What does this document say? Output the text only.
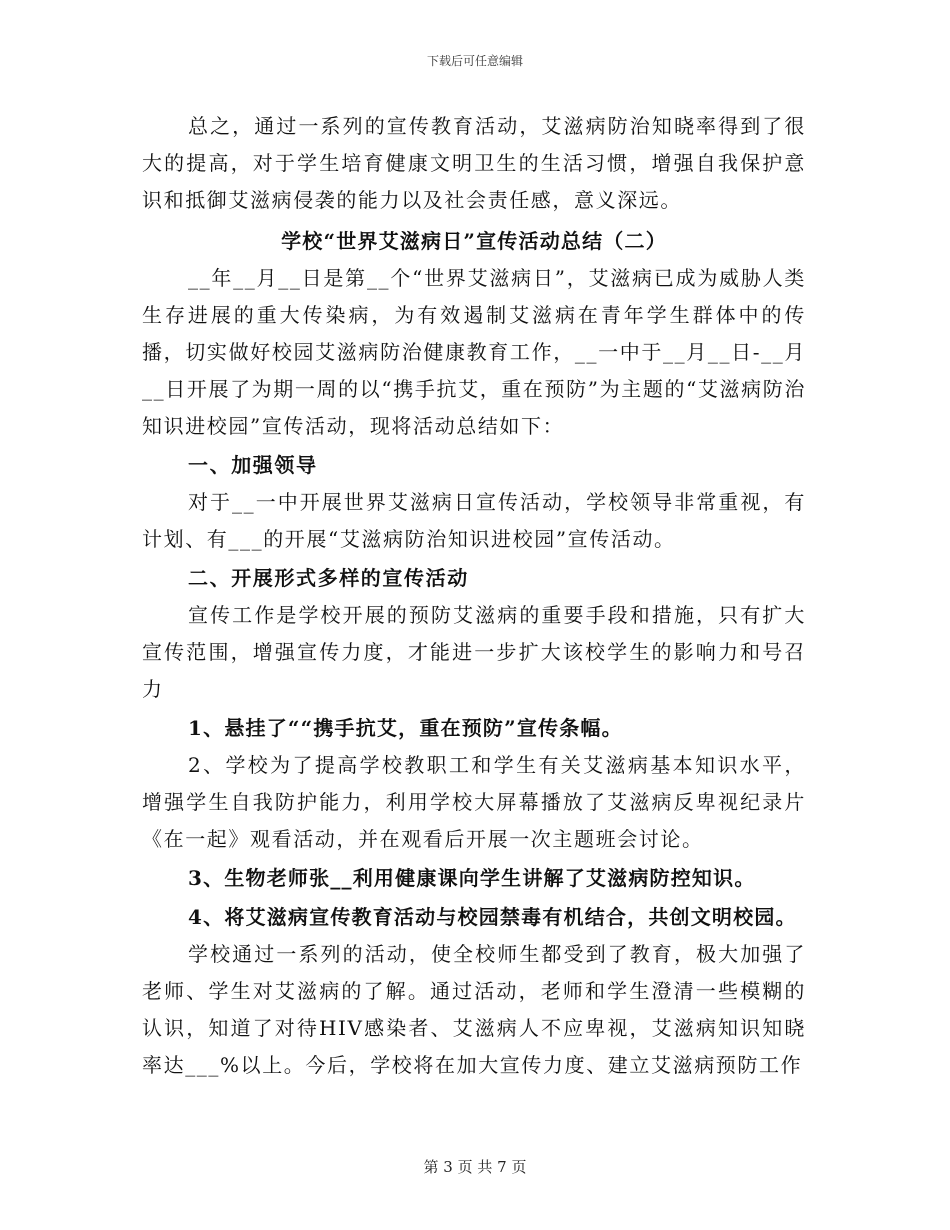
下载后可任意编辑

总之，通过一系列的宣传教育活动，艾滋病防治知晓率得到了很大的提高，对于学生培育健康文明卫生的生活习惯，增强自我保护意识和抵御艾滋病侵袭的能力以及社会责任感，意义深远。

学校“世界艾滋病日”宣传活动总结（二）

__年__月__日是第__个“世界艾滋病日”，艾滋病已成为威胁人类生存进展的重大传染病，为有效遏制艾滋病在青年学生群体中的传播，切实做好校园艾滋病防治健康教育工作，__一中于__月__日-__月__日开展了为期一周的以“携手抗艾，重在预防”为主题的“艾滋病防治知识进校园”宣传活动，现将活动总结如下：

一、加强领导

对于__一中开展世界艾滋病日宣传活动，学校领导非常重视，有计划、有___的开展“艾滋病防治知识进校园”宣传活动。

二、开展形式多样的宣传活动

宣传工作是学校开展的预防艾滋病的重要手段和措施，只有扩大宣传范围，增强宣传力度，才能进一步扩大该校学生的影响力和号召力

1、悬挂了““携手抗艾，重在预防”宣传条幅。

2、学校为了提高学校教职工和学生有关艾滋病基本知识水平，增强学生自我防护能力，利用学校大屏幕播放了艾滋病反卑视纪录片《在一起》观看活动，并在观看后开展一次主题班会讨论。

3、生物老师张__利用健康课向学生讲解了艾滋病防控知识。

4、将艾滋病宣传教育活动与校园禁毒有机结合，共创文明校园。

学校通过一系列的活动，使全校师生都受到了教育，极大加强了老师、学生对艾滋病的了解。通过活动，老师和学生澄清一些模糊的认识，知道了对待HIV感染者、艾滋病人不应卑视，艾滋病知识知晓率达___%以上。今后，学校将在加大宣传力度、建立艾滋病预防工作

第 3 页 共 7 页
